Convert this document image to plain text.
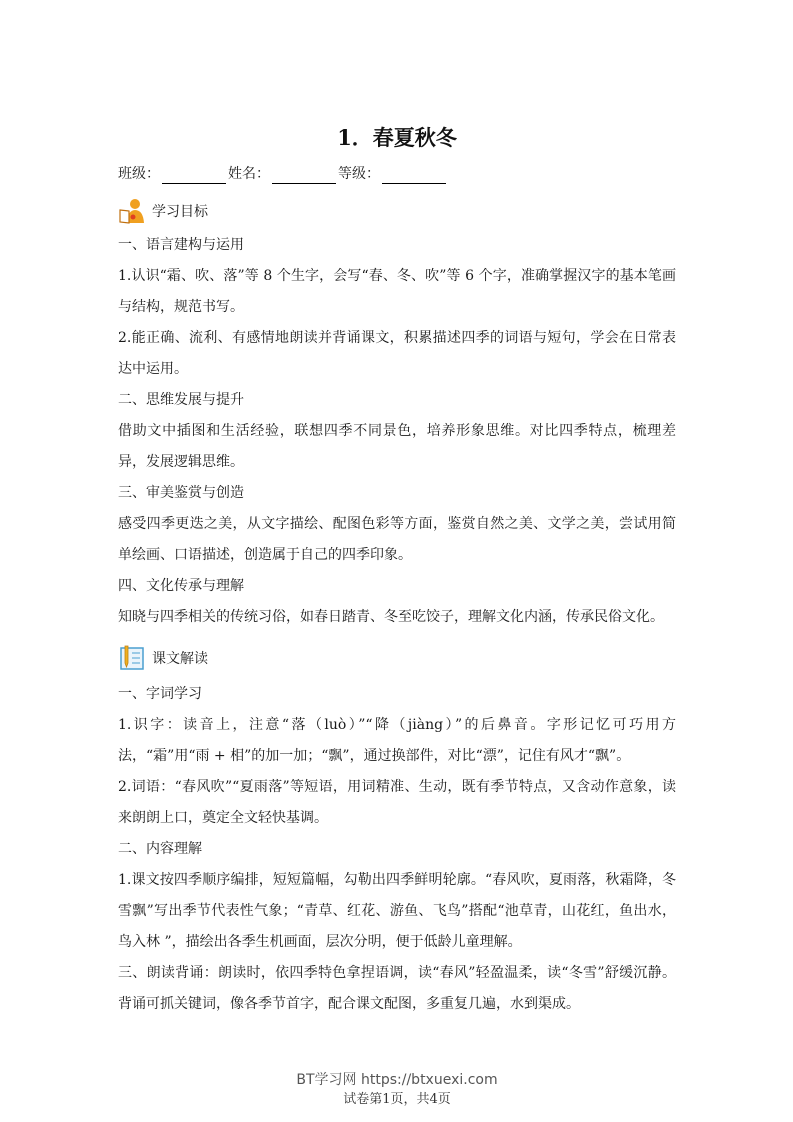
1．春夏秋冬
班级：	姓名：	等级：
学习目标

一、语言建构与运用

1.认识“霜、吹、落”等 8 个生字，会写“春、冬、吹”等 6 个字，准确掌握汉字的基本笔画与结构，规范书写。

2.能正确、流利、有感情地朗读并背诵课文，积累描述四季的词语与短句，学会在日常表达中运用。

二、思维发展与提升

借助文中插图和生活经验，联想四季不同景色，培养形象思维。对比四季特点，梳理差异，发展逻辑思维。

三、审美鉴赏与创造

感受四季更迭之美，从文字描绘、配图色彩等方面，鉴赏自然之美、文学之美，尝试用简单绘画、口语描述，创造属于自己的四季印象。

四、文化传承与理解

知晓与四季相关的传统习俗，如春日踏青、冬至吃饺子，理解文化内涵，传承民俗文化。

课文解读

一、字词学习

1.识字：读音上，注意“落（luò）”“降（jiàng）”的后鼻音。字形记忆可巧用方法，“霜”用“雨 + 相”的加一加；“飘”，通过换部件，对比“漂”，记住有风才“飘”。

2.词语：“春风吹”“夏雨落”等短语，用词精准、生动，既有季节特点，又含动作意象，读来朗朗上口，奠定全文轻快基调。

二、内容理解

1.课文按四季顺序编排，短短篇幅，勾勒出四季鲜明轮廓。“春风吹，夏雨落，秋霜降，冬雪飘”写出季节代表性气象；“青草、红花、游鱼、飞鸟”搭配“池草青，山花红，鱼出水，鸟入林 ”，描绘出各季生机画面，层次分明，便于低龄儿童理解。

三、朗读背诵：朗读时，依四季特色拿捏语调，读“春风”轻盈温柔，读“冬雪”舒缓沉静。背诵可抓关键词，像各季节首字，配合课文配图，多重复几遍，水到渠成。

BT学习网 https://btxuexi.com
试卷第1页，共4页
